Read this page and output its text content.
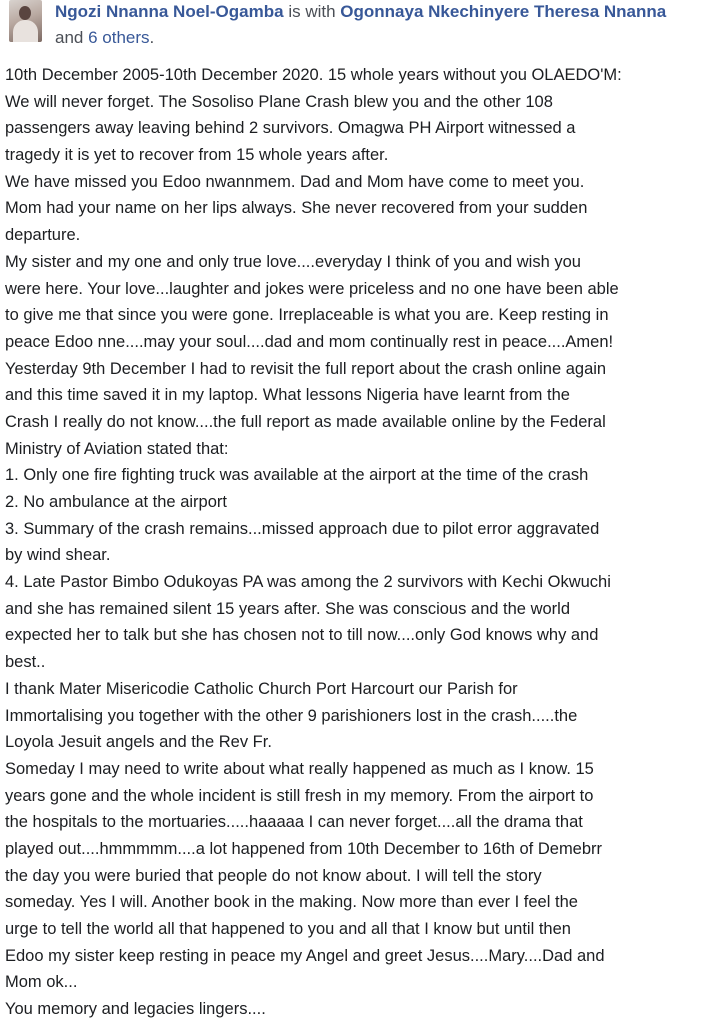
Ngozi Nnanna Noel-Ogamba is with Ogonnaya Nkechinyere Theresa Nnanna
and 6 others.
10th December 2005-10th December 2020. 15 whole years without you OLAEDO'M:
We will never forget. The Sosoliso Plane Crash blew you and the other 108
passengers away leaving behind 2 survivors. Omagwa PH Airport witnessed a
tragedy it is yet to recover from 15 whole years after.
We have missed you Edoo nwannmem. Dad and Mom have come to meet you.
Mom had your name on her lips always. She never recovered from your sudden
departure.
My sister and my one and only true love....everyday I think of you and wish you
were here. Your love...laughter and jokes were priceless and no one have been able
to give me that since you were gone. Irreplaceable is what you are. Keep resting in
peace Edoo nne....may your soul....dad and mom continually rest in peace....Amen!
Yesterday 9th December I had to revisit the full report about the crash online again
and this time saved it in my laptop. What lessons Nigeria have learnt from the
Crash I really do not know....the full report as made available online by the Federal
Ministry of Aviation stated that:
1. Only one fire fighting truck was available at the airport at the time of the crash
2. No ambulance at the airport
3. Summary of the crash remains...missed approach due to pilot error aggravated
by wind shear.
4. Late Pastor Bimbo Odukoyas PA was among the 2 survivors with Kechi Okwuchi
and she has remained silent 15 years after. She was conscious and the world
expected her to talk but she has chosen not to till now....only God knows why and
best..
I thank Mater Misericodie Catholic Church Port Harcourt our Parish for
Immortalising you together with the other 9 parishioners lost in the crash.....the
Loyola Jesuit angels and the Rev Fr.
Someday I may need to write about what really happened as much as I know. 15
years gone and the whole incident is still fresh in my memory. From the airport to
the hospitals to the mortuaries.....haaaaa I can never forget....all the drama that
played out....hmmmmm....a lot happened from 10th December to 16th of Demebrr
the day you were buried that people do not know about. I will tell the story
someday. Yes I will. Another book in the making. Now more than ever I feel the
urge to tell the world all that happened to you and all that I know but until then
Edoo my sister keep resting in peace my Angel and greet Jesus....Mary....Dad and
Mom ok...
You memory and legacies lingers....
